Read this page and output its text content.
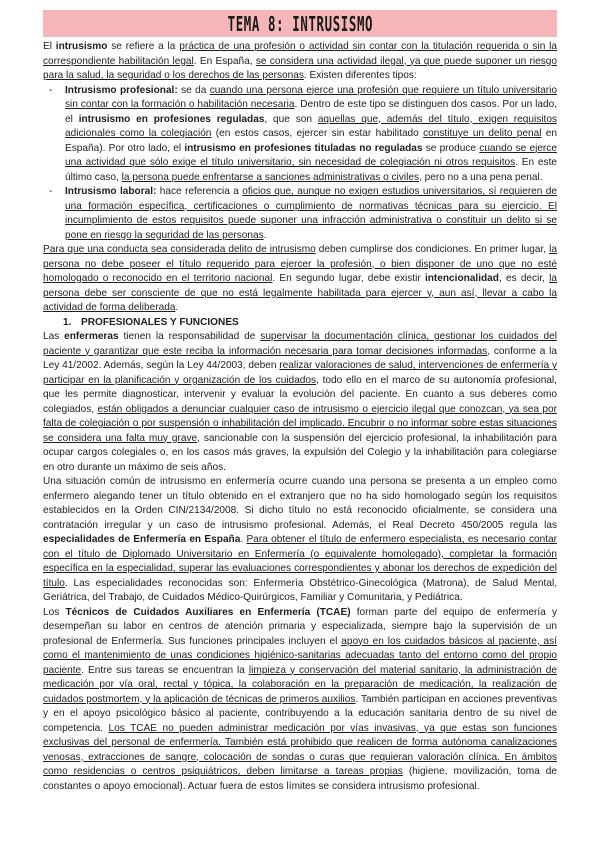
TEMA 8: INTRUSISMO

El intrusismo se refiere a la práctica de una profesión o actividad sin contar con la titulación requerida o sin la correspondiente habilitación legal. En España, se considera una actividad ilegal, ya que puede suponer un riesgo para la salud, la seguridad o los derechos de las personas. Existen diferentes tipos:

- Intrusismo profesional: se da cuando una persona ejerce una profesión que requiere un título universitario sin contar con la formación o habilitación necesaria. Dentro de este tipo se distinguen dos casos. Por un lado, el intrusismo en profesiones reguladas, que son aquellas que, además del título, exigen requisitos adicionales como la colegiación (en estos casos, ejercer sin estar habilitado constituye un delito penal en España). Por otro lado, el intrusismo en profesiones tituladas no reguladas se produce cuando se ejerce una actividad que sólo exige el título universitario, sin necesidad de colegiación ni otros requisitos. En este último caso, la persona puede enfrentarse a sanciones administrativas o civiles, pero no a una pena penal.
- Intrusismo laboral: hace referencia a oficios que, aunque no exigen estudios universitarios, sí requieren de una formación específica, certificaciones o cumplimiento de normativas técnicas para su ejercicio. El incumplimiento de estos requisitos puede suponer una infracción administrativa o constituir un delito si se pone en riesgo la seguridad de las personas.

Para que una conducta sea considerada delito de intrusismo deben cumplirse dos condiciones. En primer lugar, la persona no debe poseer el título requerido para ejercer la profesión, o bien disponer de uno que no esté homologado o reconocido en el territorio nacional. En segundo lugar, debe existir intencionalidad, es decir, la persona debe ser consciente de que no está legalmente habilitada para ejercer y, aun así, llevar a cabo la actividad de forma deliberada.

1. PROFESIONALES Y FUNCIONES

Las enfermeras tienen la responsabilidad de supervisar la documentación clínica, gestionar los cuidados del paciente y garantizar que este reciba la información necesaria para tomar decisiones informadas, conforme a la Ley 41/2002. Además, según la Ley 44/2003, deben realizar valoraciones de salud, intervenciones de enfermería y participar en la planificación y organización de los cuidados, todo ello en el marco de su autonomía profesional, que les permite diagnosticar, intervenir y evaluar la evolución del paciente. En cuanto a sus deberes como colegiados, están obligados a denunciar cualquier caso de intrusismo o ejercicio ilegal que conozcan, ya sea por falta de colegiación o por suspensión o inhabilitación del implicado. Encubrir o no informar sobre estas situaciones se considera una falta muy grave, sancionable con la suspensión del ejercicio profesional, la inhabilitación para ocupar cargos colegiales o, en los casos más graves, la expulsión del Colegio y la inhabilitación para colegiarse en otro durante un máximo de seis años.

Una situación común de intrusismo en enfermería ocurre cuando una persona se presenta a un empleo como enfermero alegando tener un título obtenido en el extranjero que no ha sido homologado según los requisitos establecidos en la Orden CIN/2134/2008. Si dicho título no está reconocido oficialmente, se considera una contratación irregular y un caso de intrusismo profesional. Además, el Real Decreto 450/2005 regula las especialidades de Enfermería en España. Para obtener el título de enfermero especialista, es necesario contar con el título de Diplomado Universitario en Enfermería (o equivalente homologado), completar la formación específica en la especialidad, superar las evaluaciones correspondientes y abonar los derechos de expedición del título. Las especialidades reconocidas son: Enfermería Obstétrico-Ginecológica (Matrona), de Salud Mental, Geriátrica, del Trabajo, de Cuidados Médico-Quirúrgicos, Familiar y Comunitaria, y Pediátrica.

Los Técnicos de Cuidados Auxiliares en Enfermería (TCAE) forman parte del equipo de enfermería y desempeñan su labor en centros de atención primaria y especializada, siempre bajo la supervisión de un profesional de Enfermería. Sus funciones principales incluyen el apoyo en los cuidados básicos al paciente, así como el mantenimiento de unas condiciones higiénico-sanitarias adecuadas tanto del entorno como del propio paciente. Entre sus tareas se encuentran la limpieza y conservación del material sanitario, la administración de medicación por vía oral, rectal y tópica, la colaboración en la preparación de medicación, la realización de cuidados postmortem, y la aplicación de técnicas de primeros auxilios. También participan en acciones preventivas y en el apoyo psicológico básico al paciente, contribuyendo a la educación sanitaria dentro de su nivel de competencia. Los TCAE no pueden administrar medicación por vías invasivas, ya que estas son funciones exclusivas del personal de enfermería. También está prohibido que realicen de forma autónoma canalizaciones venosas, extracciones de sangre, colocación de sondas o curas que requieran valoración clínica. En ámbitos como residencias o centros psiquiátricos, deben limitarse a tareas propias (higiene, movilización, toma de constantes o apoyo emocional). Actuar fuera de estos límites se considera intrusismo profesional.
